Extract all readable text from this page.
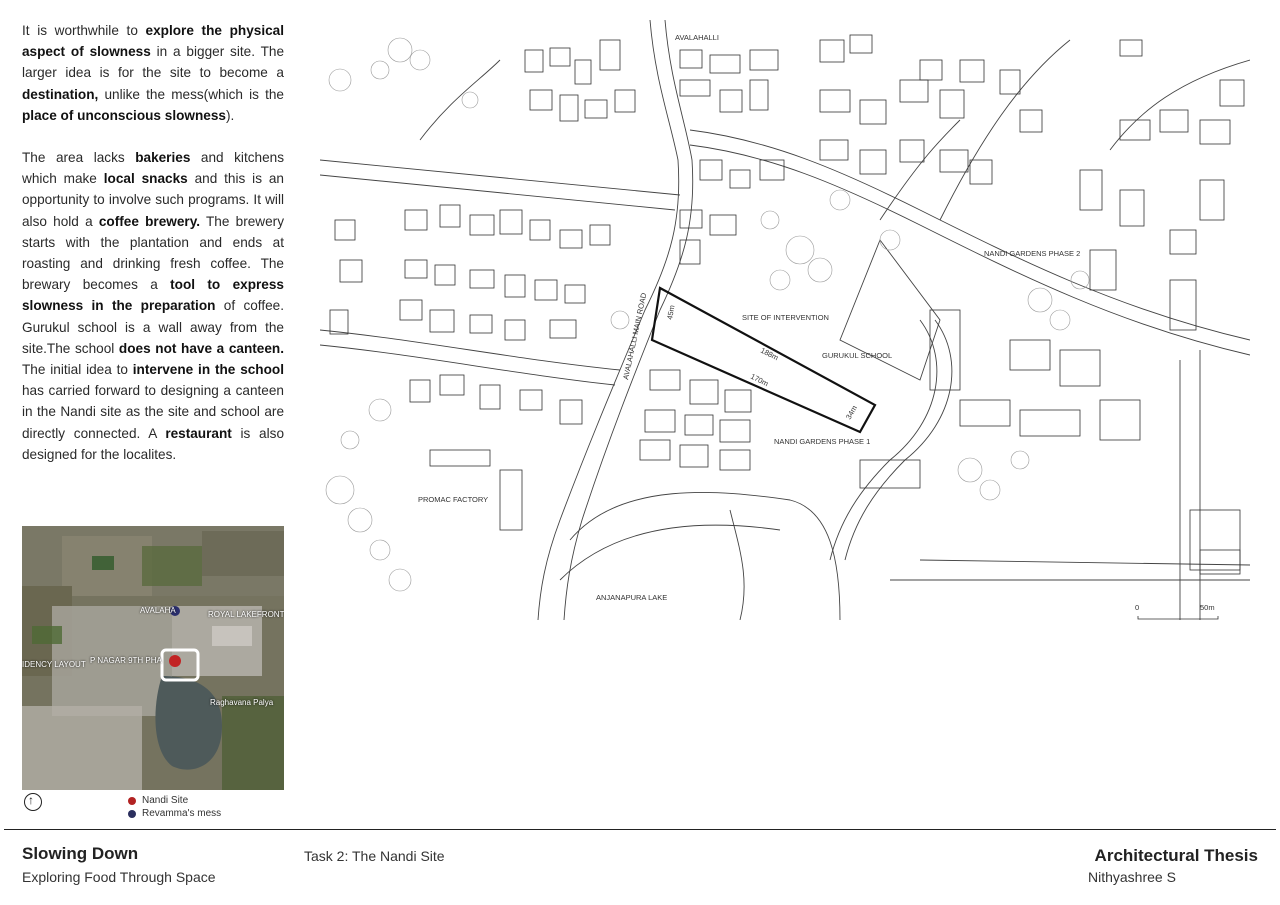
It is worthwhile to explore the physical aspect of slowness in a bigger site. The larger idea is for the site to become a destination, unlike the mess(which is the place of unconscious slowness).

The area lacks bakeries and kitchens which make local snacks and this is an opportunity to involve such programs. It will also hold a coffee brewery. The brewery starts with the plantation and ends at roasting and drinking fresh coffee. The brewary becomes a tool to express slowness in the preparation of coffee. Gurukul school is a wall away from the site.The school does not have a canteen. The initial idea to intervene in the school has carried forward to designing a canteen in the Nandi site as the site and school are directly connected. A restaurant is also designed for the localites.

AVALAHA	ROYAL LAKEFRONT
IDENCY LAYOUT P NAGAR 9TH PHA
Raghavana Palya
↑
Nandi Site
Revamma's mess
AVALAHALLI
AVALAHALLI MAIN ROAD	SITE OF INTERVENTION
GURUKUL SCHOOL
NANDI GARDENS PHASE 2
NANDI GARDENS PHASE 1
PROMAC FACTORY
ANJANAPURA LAKE
188m
170m
45m
34m
0	50m
Slowing Down
Exploring Food Through Space
Task 2: The Nandi Site	Architectural Thesis
Nithyashree S
